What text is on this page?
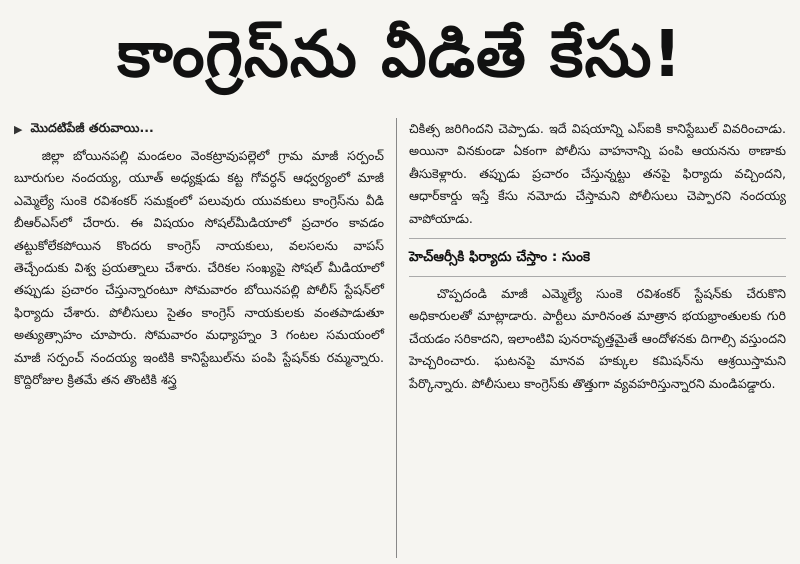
కాంగ్రెస్‌ను వీడితే కేసు!
▶ మొదటిపేజీ తరువాయి...

జిల్లా బోయినపల్లి మండలం వెంకట్రావుపల్లెలో గ్రామ మాజీ సర్పంచ్ బూరుగుల నందయ్య, యూత్ అధ్యక్షుడు కట్ట గోవర్ధన్ ఆధ్వర్యంలో మాజీ ఎమ్మెల్యే సుంకె రవిశంకర్ సమక్షంలో పలువురు యువకులు కాంగ్రెస్‌ను వీడి బీఆర్ఎస్‌లో చేరారు. ఈ విషయం సోషల్‌మీడియాలో ప్రచారం కావడం తట్టుకోలేకపోయిన కొందరు కాంగ్రెస్ నాయకులు, వలసలను వాపస్ తెచ్చేందుకు విశ్వ ప్రయత్నాలు చేశారు. చేరికల సంఖ్యపై సోషల్ మీడియాలో తప్పుడు ప్రచారం చేస్తున్నారంటూ సోమవారం బోయినపల్లి పోలీస్ స్టేషన్‌లో ఫిర్యాదు చేశారు. పోలీసులు సైతం కాంగ్రెస్ నాయకులకు వంతపాడుతూ అత్యుత్సాహం చూపారు. సోమవారం మధ్యాహ్నం 3 గంటల సమయంలో మాజీ సర్పంచ్ నందయ్య ఇంటికి కానిస్టేబుల్‌ను పంపి స్టేషన్‌కు రమ్మన్నారు. కొద్దిరోజుల క్రితమే తన తొంటికి శస్త్ర

చికిత్స జరిగిందని చెప్పాడు. ఇదే విషయాన్ని ఎస్ఐకి కానిస్టేబుల్ వివరించాడు. అయినా వినకుండా ఏకంగా పోలీసు వాహనాన్ని పంపి ఆయనను ఠాణాకు తీసుకెళ్లారు. తప్పుడు ప్రచారం చేస్తున్నట్టు తనపై ఫిర్యాదు వచ్చిందని, ఆధార్‌కార్డు ఇస్తే కేసు నమోదు చేస్తామని పోలీసులు చెప్పారని నందయ్య వాపోయాడు.

హెచ్ఆర్సీకి ఫిర్యాదు చేస్తాం : సుంకె

చొప్పదండి మాజీ ఎమ్మెల్యే సుంకె రవిశంకర్ స్టేషన్‌కు చేరుకొని అధికారులతో మాట్లాడారు. పార్టీలు మారినంత మాత్రాన భయభ్రాంతులకు గురి చేయడం సరికాదని, ఇలాంటివి పునరావృత్తమైతే ఆందోళనకు దిగాల్సి వస్తుందని హెచ్చరించారు. ఘటనపై మానవ హక్కుల కమిషన్‌ను ఆశ్రయిస్తామని పేర్కొన్నారు. పోలీసులు కాంగ్రెస్‌కు తొత్తుగా వ్యవహరిస్తున్నారని మండిపడ్డారు.
